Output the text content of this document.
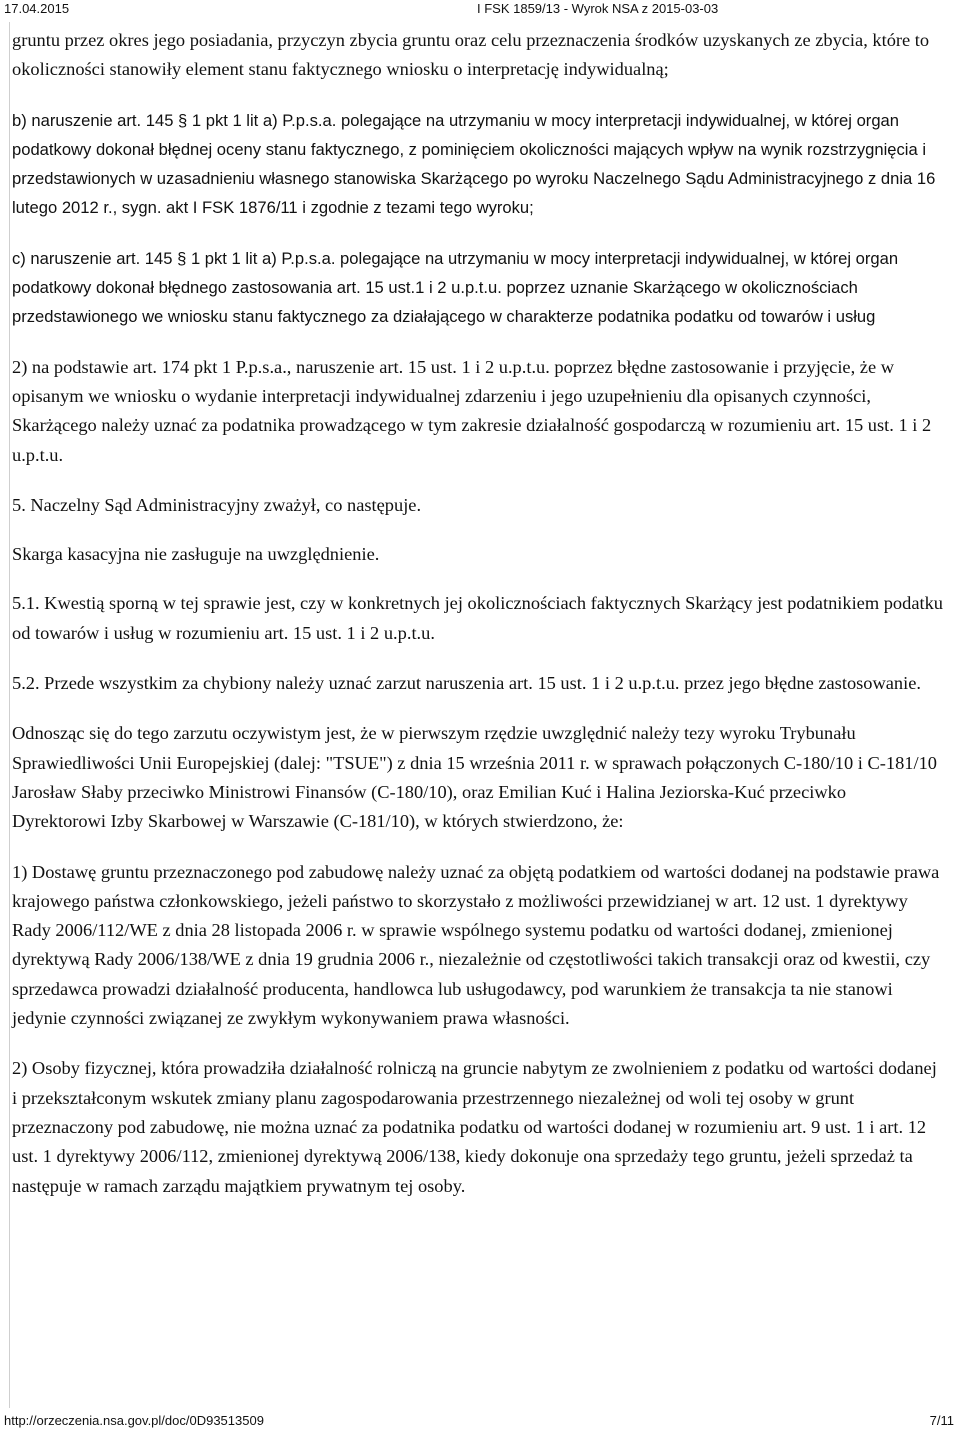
17.04.2015	I FSK 1859/13 - Wyrok NSA z 2015-03-03

gruntu przez okres jego posiadania, przyczyn zbycia gruntu oraz celu przeznaczenia środków uzyskanych ze zbycia, które to okoliczności stanowiły element stanu faktycznego wniosku o interpretację indywidualną;

b) naruszenie art. 145 § 1 pkt 1 lit a) P.p.s.a. polegające na utrzymaniu w mocy interpretacji indywidualnej, w której organ podatkowy dokonał błędnej oceny stanu faktycznego, z pominięciem okoliczności mających wpływ na wynik rozstrzygnięcia i przedstawionych w uzasadnieniu własnego stanowiska Skarżącego po wyroku Naczelnego Sądu Administracyjnego z dnia 16 lutego 2012 r., sygn. akt I FSK 1876/11 i zgodnie z tezami tego wyroku;

c) naruszenie art. 145 § 1 pkt 1 lit a) P.p.s.a. polegające na utrzymaniu w mocy interpretacji indywidualnej, w której organ podatkowy dokonał błędnego zastosowania art. 15 ust.1 i 2 u.p.t.u. poprzez uznanie Skarżącego w okolicznościach przedstawionego we wniosku stanu faktycznego za działającego w charakterze podatnika podatku od towarów i usług

2) na podstawie art. 174 pkt 1 P.p.s.a., naruszenie art. 15 ust. 1 i 2 u.p.t.u. poprzez błędne zastosowanie i przyjęcie, że w opisanym we wniosku o wydanie interpretacji indywidualnej zdarzeniu i jego uzupełnieniu dla opisanych czynności, Skarżącego należy uznać za podatnika prowadzącego w tym zakresie działalność gospodarczą w rozumieniu art. 15 ust. 1 i 2 u.p.t.u.

5. Naczelny Sąd Administracyjny zważył, co następuje.

Skarga kasacyjna nie zasługuje na uwzględnienie.

5.1. Kwestią sporną w tej sprawie jest, czy w konkretnych jej okolicznościach faktycznych Skarżący jest podatnikiem podatku od towarów i usług w rozumieniu art. 15 ust. 1 i 2 u.p.t.u.

5.2. Przede wszystkim za chybiony należy uznać zarzut naruszenia art. 15 ust. 1 i 2 u.p.t.u. przez jego błędne zastosowanie.

Odnosząc się do tego zarzutu oczywistym jest, że w pierwszym rzędzie uwzględnić należy tezy wyroku Trybunału Sprawiedliwości Unii Europejskiej (dalej: "TSUE") z dnia 15 września 2011 r. w sprawach połączonych C-180/10 i C-181/10 Jarosław Słaby przeciwko Ministrowi Finansów (C-180/10), oraz Emilian Kuć i Halina Jeziorska-Kuć przeciwko Dyrektorowi Izby Skarbowej w Warszawie (C-181/10), w których stwierdzono, że:

1) Dostawę gruntu przeznaczonego pod zabudowę należy uznać za objętą podatkiem od wartości dodanej na podstawie prawa krajowego państwa członkowskiego, jeżeli państwo to skorzystało z możliwości przewidzianej w art. 12 ust. 1 dyrektywy Rady 2006/112/WE z dnia 28 listopada 2006 r. w sprawie wspólnego systemu podatku od wartości dodanej, zmienionej dyrektywą Rady 2006/138/WE z dnia 19 grudnia 2006 r., niezależnie od częstotliwości takich transakcji oraz od kwestii, czy sprzedawca prowadzi działalność producenta, handlowca lub usługodawcy, pod warunkiem że transakcja ta nie stanowi jedynie czynności związanej ze zwykłym wykonywaniem prawa własności.

2) Osoby fizycznej, która prowadziła działalność rolniczą na gruncie nabytym ze zwolnieniem z podatku od wartości dodanej i przekształconym wskutek zmiany planu zagospodarowania przestrzennego niezależnej od woli tej osoby w grunt przeznaczony pod zabudowę, nie można uznać za podatnika podatku od wartości dodanej w rozumieniu art. 9 ust. 1 i art. 12 ust. 1 dyrektywy 2006/112, zmienionej dyrektywą 2006/138, kiedy dokonuje ona sprzedaży tego gruntu, jeżeli sprzedaż ta następuje w ramach zarządu majątkiem prywatnym tej osoby.

http://orzeczenia.nsa.gov.pl/doc/0D93513509	7/11
